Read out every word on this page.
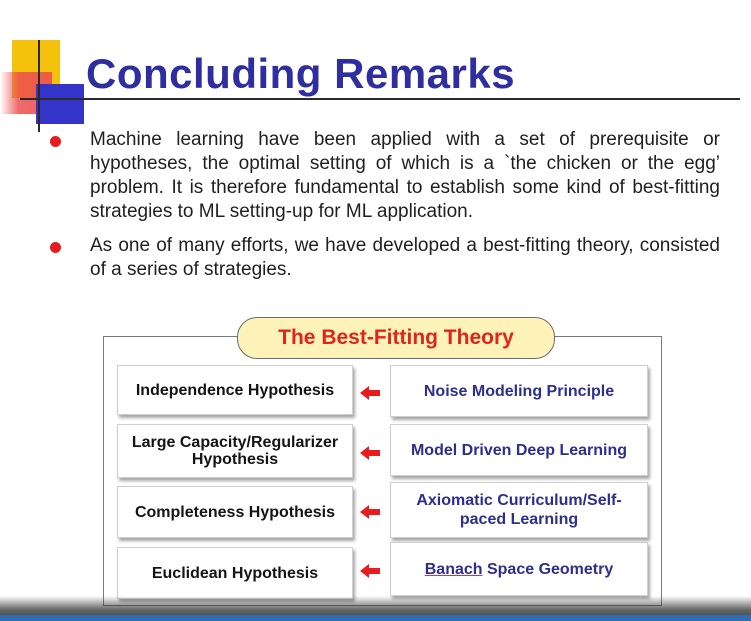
Concluding Remarks
Machine learning have been applied with a set of prerequisite or hypotheses, the optimal setting of which is a `the chicken or the egg’ problem. It is therefore fundamental to establish some kind of best-fitting strategies to ML setting-up for ML application.
As one of many efforts, we have developed a best-fitting theory, consisted of a series of strategies.
The Best-Fitting Theory
Independence Hypothesis	Noise Modeling Principle
Large Capacity/Regularizer
Hypothesis
Model Driven Deep Learning
Completeness Hypothesis
Axiomatic Curriculum/Self-
paced Learning
Euclidean Hypothesis	Banach Space Geometry
